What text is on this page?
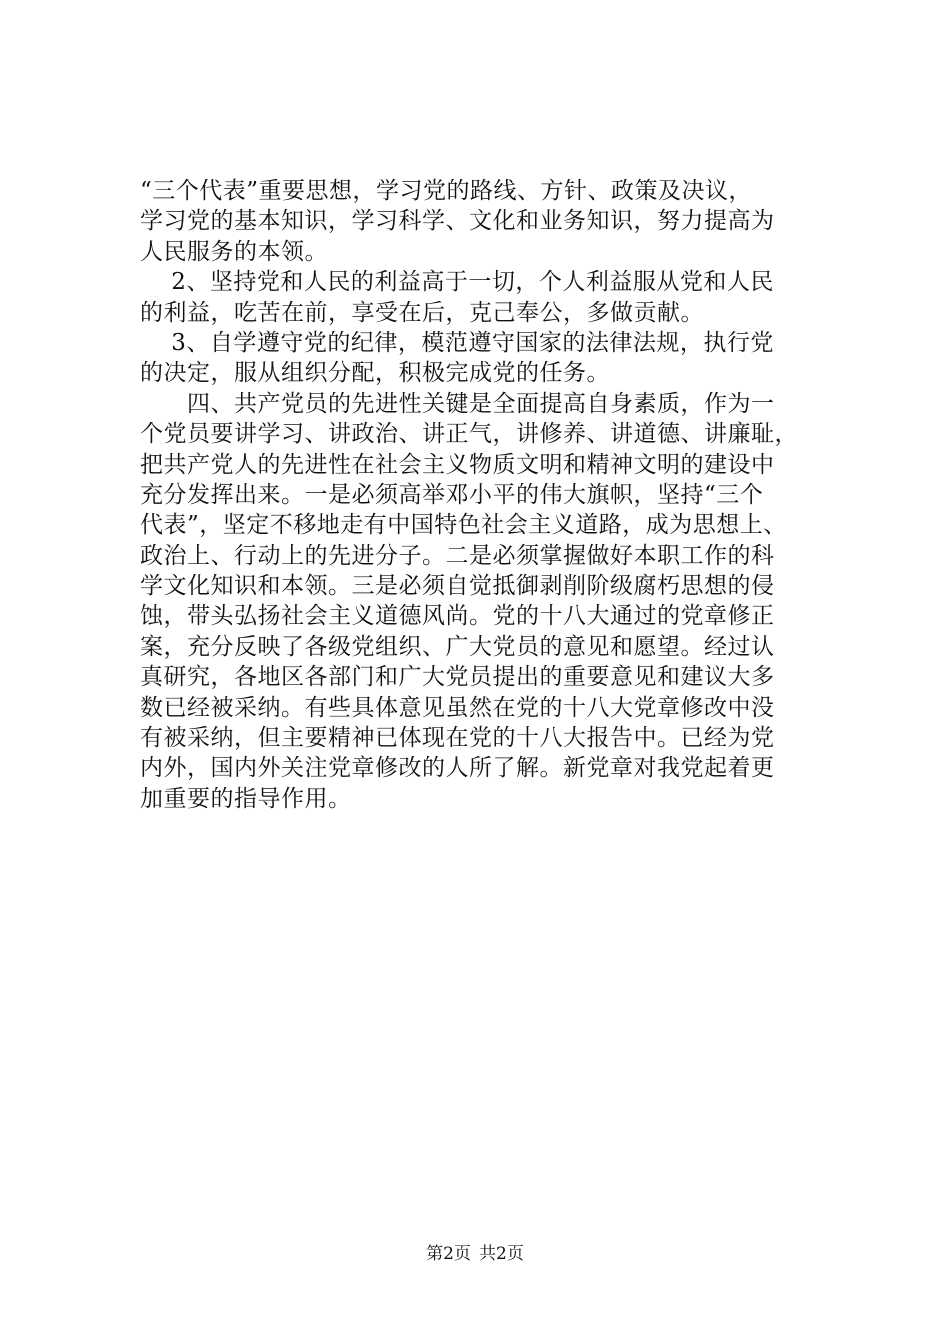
“三个代表”重要思想，学习党的路线、方针、政策及决议，
学习党的基本知识，学习科学、文化和业务知识，努力提高为
人民服务的本领。
2、坚持党和人民的利益高于一切，个人利益服从党和人民
的利益，吃苦在前，享受在后，克己奉公，多做贡献。
3、自学遵守党的纪律，模范遵守国家的法律法规，执行党
的决定，服从组织分配，积极完成党的任务。
　　四、共产党员的先进性关键是全面提高自身素质，作为一
个党员要讲学习、讲政治、讲正气，讲修养、讲道德、讲廉耻，
把共产党人的先进性在社会主义物质文明和精神文明的建设中
充分发挥出来。一是必须高举邓小平的伟大旗帜，坚持“三个
代表”，坚定不移地走有中国特色社会主义道路，成为思想上、
政治上、行动上的先进分子。二是必须掌握做好本职工作的科
学文化知识和本领。三是必须自觉抵御剥削阶级腐朽思想的侵
蚀，带头弘扬社会主义道德风尚。党的十八大通过的党章修正
案，充分反映了各级党组织、广大党员的意见和愿望。经过认
真研究，各地区各部门和广大党员提出的重要意见和建议大多
数已经被采纳。有些具体意见虽然在党的十八大党章修改中没
有被采纳，但主要精神已体现在党的十八大报告中。已经为党
内外，国内外关注党章修改的人所了解。新党章对我党起着更
加重要的指导作用。
第2页 共2页
